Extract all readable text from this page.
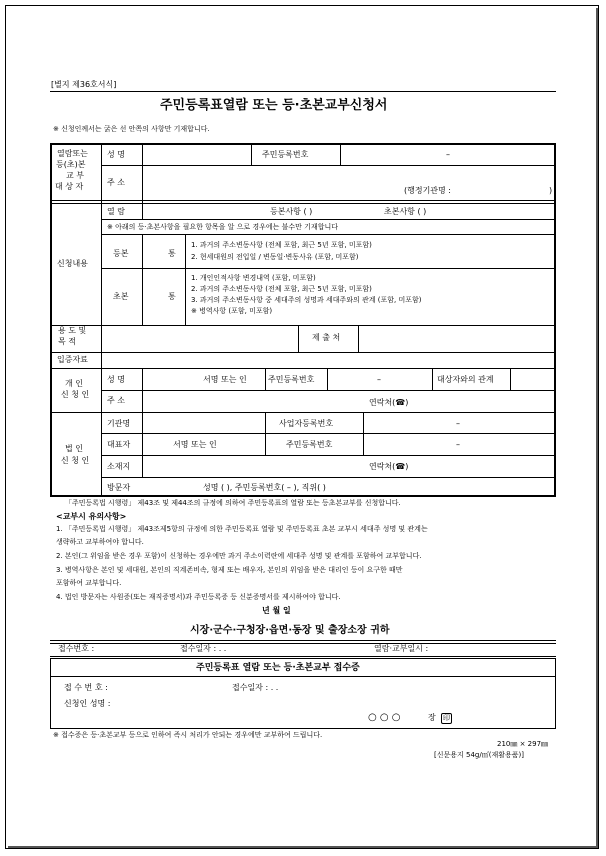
[별지 제36호서식]
주민등록표열람 또는 등·초본교부신청서
※ 신청인께서는 굵은 선 안쪽의 사항만 기재합니다.
열람또는
등(초)본
교 부
대 상 자
성 명	주민등록번호	–
주 소
(행정기관명 :	)
신청내용
열 람	등본사항 ( )	초본사항 ( )
※ 아래의 등·초본사항을 필요한 항목을 알 으로 경우에는 불수만 기재합니다
등본	통
1. 과거의 주소변동사항 (전체 포함, 최근 5년 포함, 미포함)
2. 현세대원의 전입일 / 변동일·변동사유 (포함, 미포함)
초본	통
1. 개인인적사항 변경내역 (포함, 미포함)
2. 과거의 주소변동사항 (전체 포함, 최근 5년 포함, 미포함)
3. 과거의 주소변동사항 중 세대주의 성명과 세대주와의 관계 (포함, 미포함)
※ 병역사항 (포함, 미포함)
용 도 및
목 적	제 출 처
입증자료
개 인
신 청 인
성 명	서명 또는 인	주민등록번호	–	대상자와의 관계
주 소	연락처(☎)
법 인
신 청 인
기관명	사업자등록번호	–
대표자	서명 또는 인	주민등록번호	–
소재지	연락처(☎)
방문자	성명 ( ), 주민등록번호( – ), 직위( )
「주민등록법 시행령」 제43조 및 제44조의 규정에 의하여 주민등록표의 열람 또는 등초본교부를 신청합니다.
<교부시 유의사항>
1. 「주민등록법 시행령」 제43조제5항의 규정에 의한 주민등록표 열람 및 주민등록표 초본 교부시 세대주 성명 및 관계는
생략하고 교부하여야 합니다.
2. 본인(그 위임을 받은 경우 포함)이 신청하는 경우에만 과거 주소이력란에 세대주 성명 및 관계를 포함하여 교부합니다.
3. 병역사항은 본인 및 세대원, 본인의 직계존비속, 형제 또는 배우자, 본인의 위임을 받은 대리인 등이 요구한 때만
포함하여 교부합니다.
4. 법인 방문자는 사원증(또는 재직증명서)과 주민등록증 등 신분증명서를 제시하여야 합니다.
년 월 일
시장·군수·구청장·읍면·동장 및 출장소장 귀하
접수번호 :	접수일자 : . .	열람·교부일시 :
주민등록표 열람 또는 등·초본교부 접수증
접 수 번 호 :	접수일자 : . .
신청인 성명 :
○ ○ ○	장 印
※ 접수증은 등·초본교부 등으로 인하여 즉시 처리가 안되는 경우에만 교부하여 드립니다.
210㎜ × 297㎜
[신문용지 54g/㎡(재활용품)]
